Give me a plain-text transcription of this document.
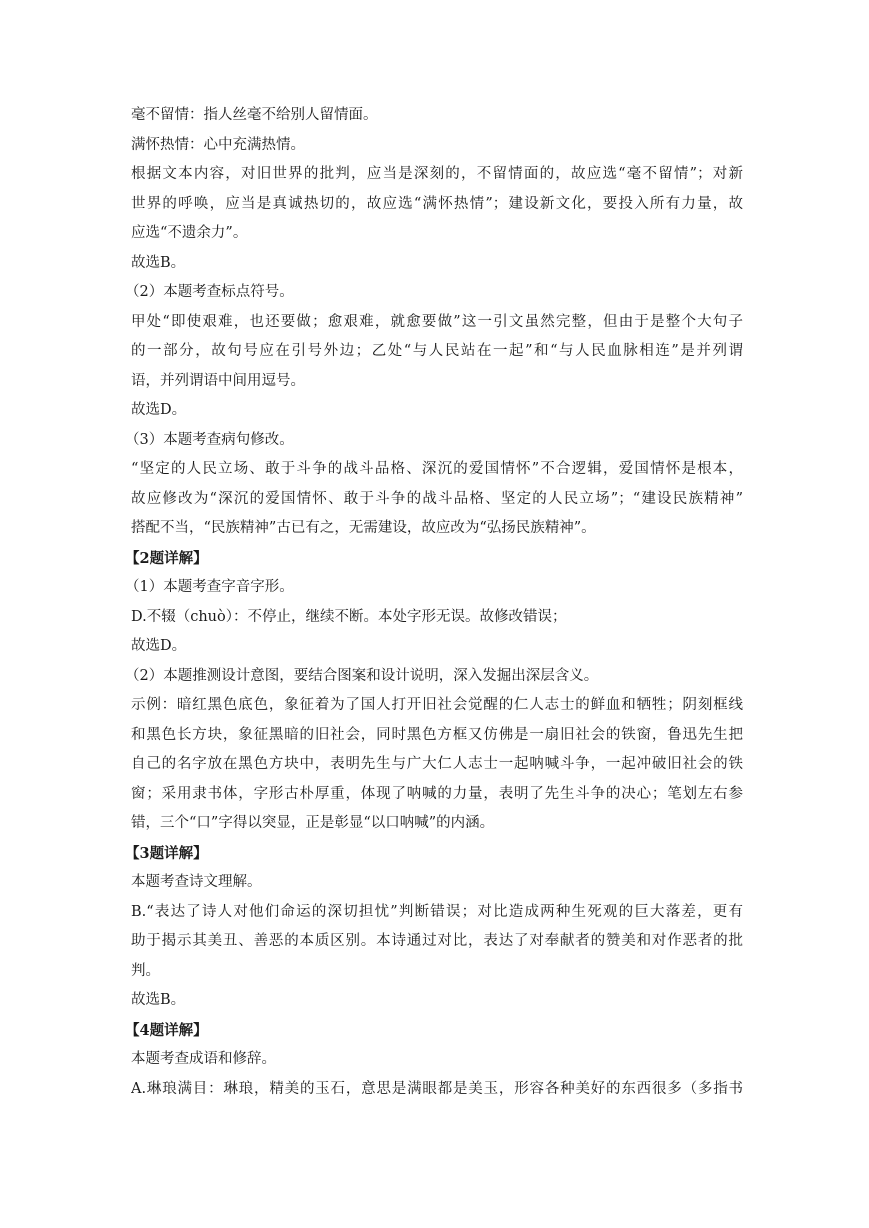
毫不留情：指人丝毫不给别人留情面。
满怀热情：心中充满热情。
根据文本内容，对旧世界的批判，应当是深刻的，不留情面的，故应选“毫不留情”；对新
世界的呼唤，应当是真诚热切的，故应选“满怀热情”；建设新文化，要投入所有力量，故
应选“不遗余力”。
故选B。
（2）本题考查标点符号。
甲处“即使艰难，也还要做；愈艰难，就愈要做”这一引文虽然完整，但由于是整个大句子
的一部分，故句号应在引号外边；乙处“与人民站在一起”和“与人民血脉相连”是并列谓
语，并列谓语中间用逗号。
故选D。
（3）本题考查病句修改。
“坚定的人民立场、敢于斗争的战斗品格、深沉的爱国情怀”不合逻辑，爱国情怀是根本，
故应修改为“深沉的爱国情怀、敢于斗争的战斗品格、坚定的人民立场”；“建设民族精神”
搭配不当，“民族精神”古已有之，无需建设，故应改为“弘扬民族精神”。
【2题详解】
（1）本题考查字音字形。
D.不辍（chuò）：不停止，继续不断。本处字形无误。故修改错误；
故选D。
（2）本题推测设计意图，要结合图案和设计说明，深入发掘出深层含义。
示例：暗红黑色底色，象征着为了国人打开旧社会觉醒的仁人志士的鲜血和牺牲；阴刻框线
和黑色长方块，象征黑暗的旧社会，同时黑色方框又仿佛是一扇旧社会的铁窗，鲁迅先生把
自己的名字放在黑色方块中，表明先生与广大仁人志士一起呐喊斗争，一起冲破旧社会的铁
窗；采用隶书体，字形古朴厚重，体现了呐喊的力量，表明了先生斗争的决心；笔划左右参
错，三个“口”字得以突显，正是彰显“以口呐喊”的内涵。
【3题详解】
本题考查诗文理解。
B.“表达了诗人对他们命运的深切担忧”判断错误；对比造成两种生死观的巨大落差，更有
助于揭示其美丑、善恶的本质区别。本诗通过对比，表达了对奉献者的赞美和对作恶者的批
判。
故选B。
【4题详解】
本题考查成语和修辞。
A.琳琅满目：琳琅，精美的玉石，意思是满眼都是美玉，形容各种美好的东西很多（多指书
